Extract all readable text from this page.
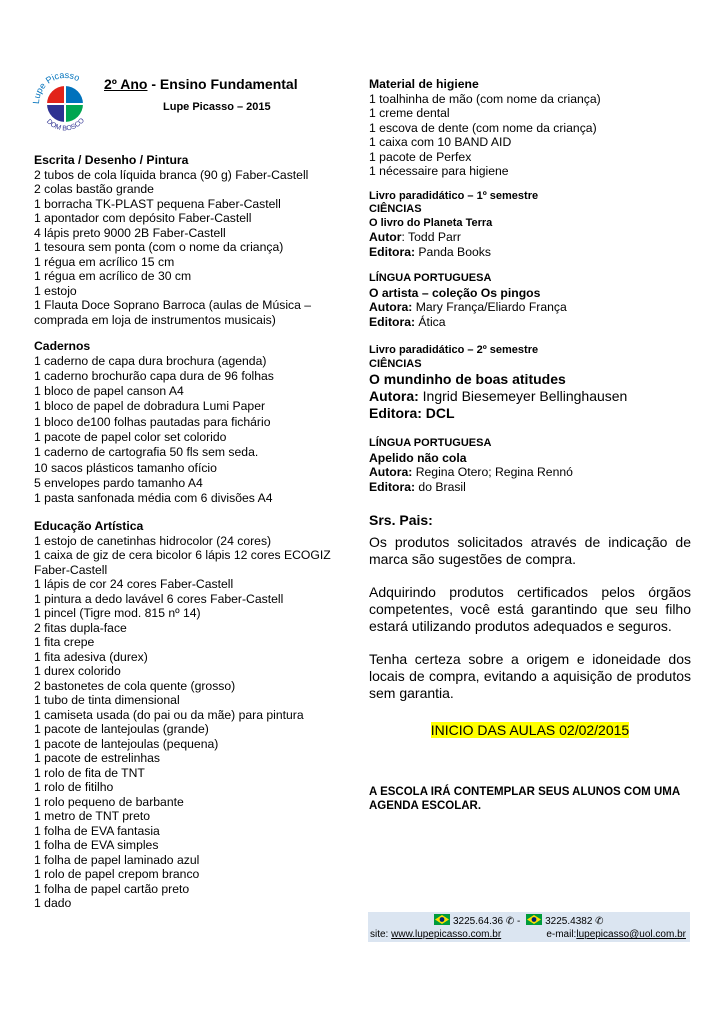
Lupe Picasso
DOM BOSCO
2º Ano - Ensino Fundamental
Lupe Picasso – 2015
Escrita / Desenho / Pintura
2 tubos de cola líquida branca (90 g) Faber-Castell
2 colas bastão grande
1 borracha TK-PLAST pequena Faber-Castell
1 apontador com depósito Faber-Castell
4 lápis preto 9000 2B Faber-Castell
1 tesoura sem ponta (com o nome da criança)
1 régua em acrílico 15 cm
1 régua em acrílico de 30 cm
1 estojo
1 Flauta Doce Soprano Barroca (aulas de Música – comprada em loja de instrumentos musicais)
Cadernos
1 caderno de capa dura brochura (agenda)
1 caderno brochurão capa dura de 96 folhas
1 bloco de papel canson A4
1 bloco de papel de dobradura Lumi Paper
1 bloco de100 folhas pautadas para fichário
1 pacote de papel color set colorido
1 caderno de cartografia 50 fls sem seda.
10 sacos plásticos tamanho ofício
5 envelopes pardo tamanho A4
1 pasta sanfonada média com 6 divisões A4
Educação Artística
1 estojo de canetinhas hidrocolor (24 cores)
1 caixa de giz de cera bicolor 6 lápis 12 cores ECOGIZ Faber-Castell
1 lápis de cor 24 cores Faber-Castell
1 pintura a dedo lavável 6 cores Faber-Castell
1 pincel (Tigre mod. 815 nº 14)
2 fitas dupla-face
1 fita crepe
1 fita adesiva (durex)
1 durex colorido
2 bastonetes de cola quente (grosso)
1 tubo de tinta dimensional
1 camiseta usada (do pai ou da mãe) para pintura
1 pacote de lantejoulas (grande)
1 pacote de lantejoulas (pequena)
1 pacote de estrelinhas
1 rolo de fita de TNT
1 rolo de fitilho
1 rolo pequeno de barbante
1 metro de TNT preto
1 folha de EVA fantasia
1 folha de EVA simples
1 folha de papel laminado azul
1 rolo de papel crepom branco
1 folha de papel cartão preto
1 dado
Material de higiene
1 toalhinha de mão (com nome da criança)
1 creme dental
1 escova de dente (com nome da criança)
1 caixa com 10 BAND AID
1 pacote de Perfex
1 nécessaire para higiene
Livro paradidático – 1º semestre
CIÊNCIAS
O livro do Planeta Terra
Autor: Todd Parr
Editora: Panda Books
LÍNGUA PORTUGUESA
O artista – coleção Os pingos
Autora: Mary França/Eliardo França
Editora: Ática
Livro paradidático – 2º semestre
CIÊNCIAS
O mundinho de boas atitudes
Autora: Ingrid Biesemeyer Bellinghausen
Editora: DCL
LÍNGUA PORTUGUESA
Apelido não cola
Autora: Regina Otero; Regina Rennó
Editora: do Brasil
Srs. Pais:
Os produtos solicitados através de indicação de marca são sugestões de compra.
Adquirindo produtos certificados pelos órgãos competentes, você está garantindo que seu filho estará utilizando produtos adequados e seguros.
Tenha certeza sobre a origem e idoneidade dos locais de compra, evitando a aquisição de produtos sem garantia.
INICIO DAS AULAS 02/02/2015
A ESCOLA IRÁ CONTEMPLAR SEUS ALUNOS COM UMA AGENDA ESCOLAR.
3225.64.36 ✆ - 3225.4382 ✆
site: www.lupepicasso.com.br	e-mail:lupepicasso@uol.com.br
